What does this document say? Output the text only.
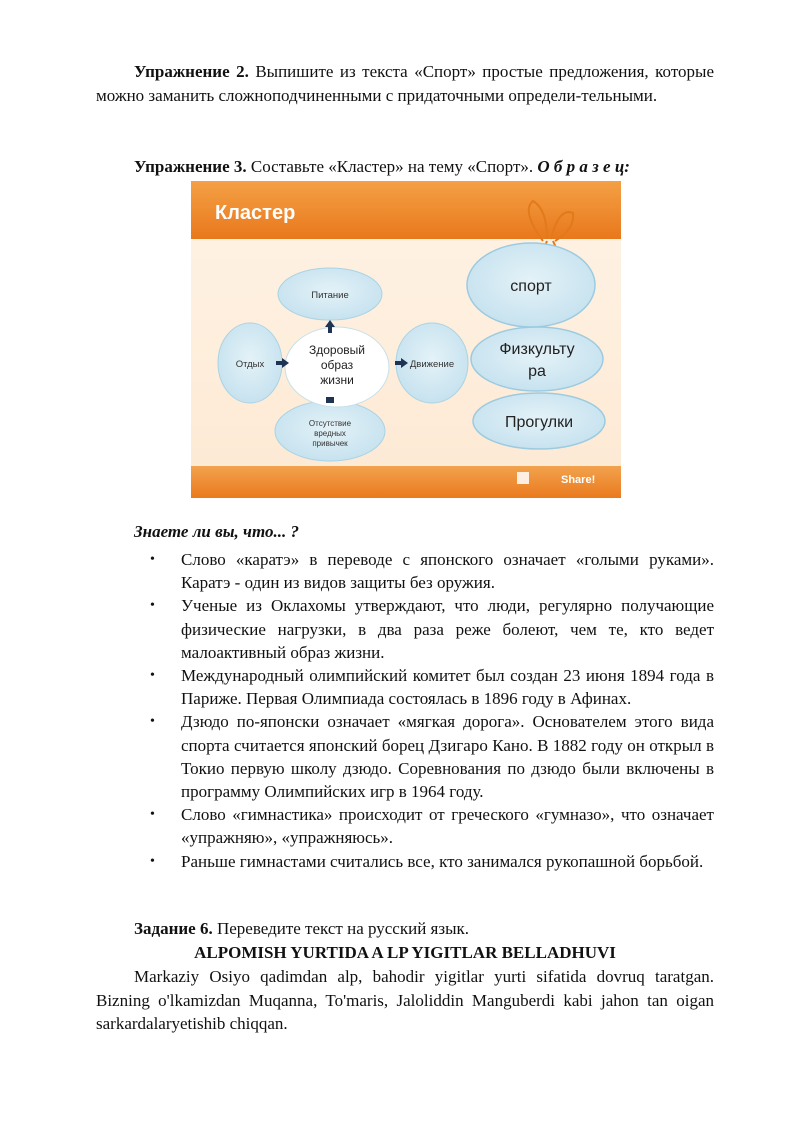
Упражнение 2. Выпишите из текста «Спорт» простые предложения, которые можно заманить сложноподчиненными с придаточными определи-тельными.

Упражнение 3. Составьте «Кластер» на тему «Спорт». О б р а з е ц:

Кластер
Питание
Отдых	Движение
Отсутствие
вредных
привычек
Здоровый
образ
жизни
спорт
Физкульту
ра
Прогулки
Share!
Знаете ли вы, что... ?
• Слово «каратэ» в переводе с японского означает «голыми руками». Каратэ - один из видов защиты без оружия.
• Ученые из Оклахомы утверждают, что люди, регулярно получающие физические нагрузки, в два раза реже болеют, чем те, кто ведет малоактивный образ жизни.
• Международный олимпийский комитет был создан 23 июня 1894 года в Париже. Первая Олимпиада состоялась в 1896 году в Афинах.
• Дзюдо по-японски означает «мягкая дорога». Основателем этого вида спорта считается японский борец Дзигаро Кано. В 1882 году он открыл в Токио первую школу дзюдо. Соревнования по дзюдо были включены в программу Олимпийских игр в 1964 году.
• Слово «гимнастика» происходит от греческого «гумназо», что означает «упражняю», «упражняюсь».
• Раньше гимнастами считались все, кто занимался рукопашной борьбой.

Задание 6. Переведите текст на русский язык.

ALPOMISH YURTIDA A LP YIGITLAR BELLADHUVI

Markaziy Osiyo qadimdan alp, bahodir yigitlar yurti sifatida dovruq taratgan. Bizning o'lkamizdan Muqanna, To'maris, Jaloliddin Manguberdi kabi jahon tan oigan sarkardalaryetishib chiqqan.
